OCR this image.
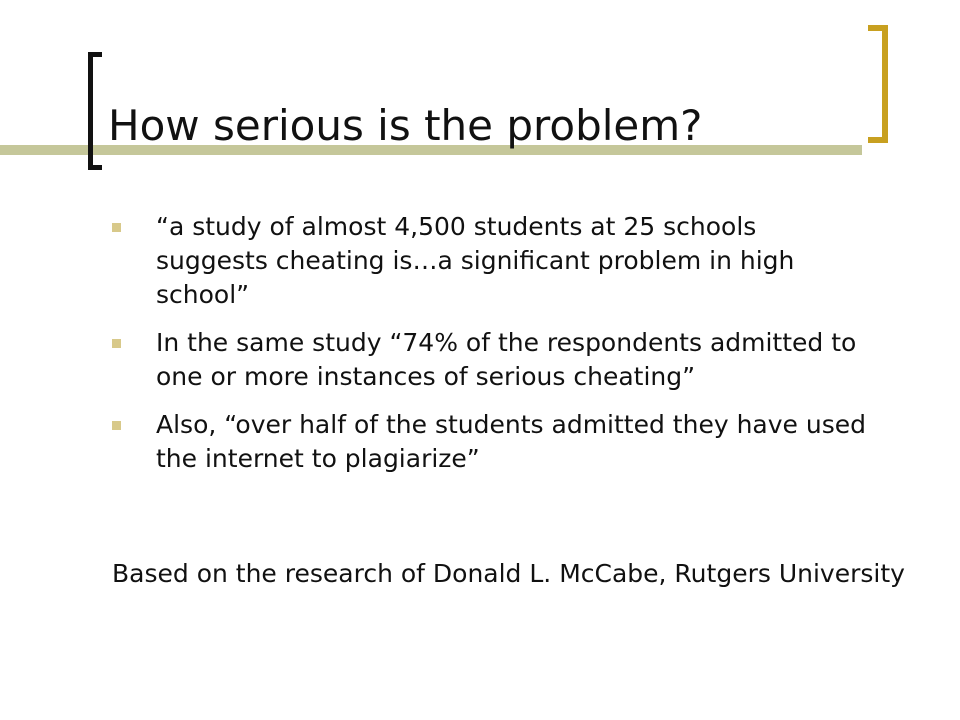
How serious is the problem?
“a study of almost 4,500 students at 25 schools suggests cheating is…a significant problem in high school”
In the same study “74% of the respondents admitted to one or more instances of serious cheating”
Also, “over half of the students admitted they have used the internet to plagiarize”

Based on the research of Donald L. McCabe, Rutgers University
